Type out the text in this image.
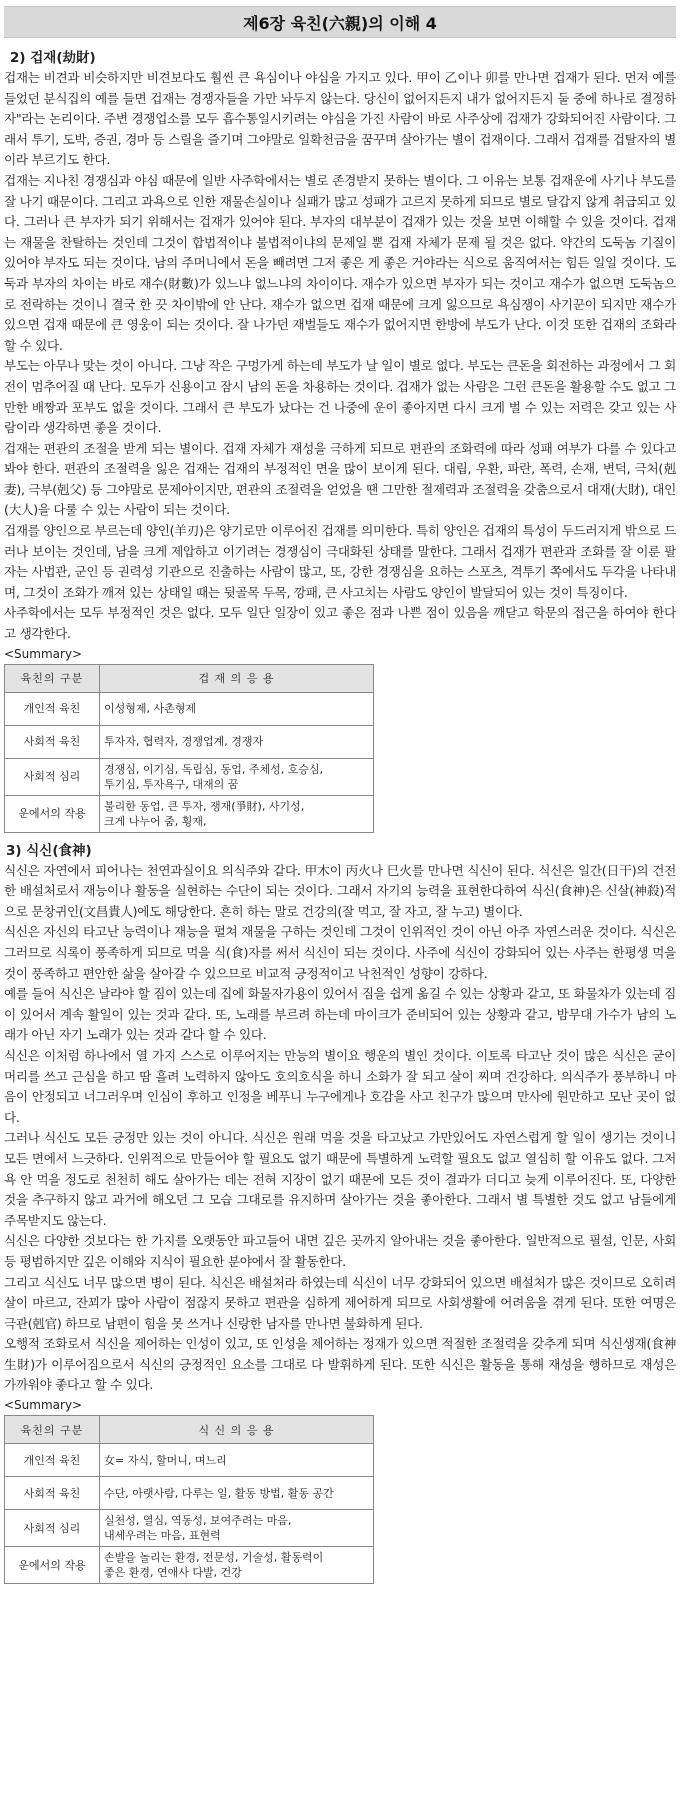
제6장 육친(六親)의 이해 4
2) 겁재(劫財)

겁재는 비견과 비슷하지만 비견보다도 훨씬 큰 욕심이나 야심을 가지고 있다. 甲이 乙이나 卯를 만나면 겁재가 된다. 먼저 예를 들었던 분식집의 예를 들면 겁재는 경쟁자들을 가만 놔두지 않는다. 당신이 없어지든지 내가 없어지든지 둘 중에 하나로 결정하자"라는 논리이다. 주변 경쟁업소를 모두 흡수통일시키려는 야심을 가진 사람이 바로 사주상에 겁재가 강화되어진 사람이다. 그래서 투기, 도박, 증권, 경마 등 스릴을 즐기며 그야말로 일확천금을 꿈꾸며 살아가는 별이 겁재이다. 그래서 겁재를 겁탈자의 별이라 부르기도 한다.

겁재는 지나친 경쟁심과 야심 때문에 일반 사주학에서는 별로 존경받지 못하는 별이다. 그 이유는 보통 겁재운에 사기나 부도를 잘 나기 때문이다. 그리고 과욕으로 인한 재물손실이나 실패가 많고 성패가 고르지 못하게 되므로 별로 달갑지 않게 취급되고 있다. 그러나 큰 부자가 되기 위해서는 겁재가 있어야 된다. 부자의 대부분이 겁재가 있는 것을 보면 이해할 수 있을 것이다. 겁재는 재물을 찬탈하는 것인데 그것이 합법적이냐 불법적이냐의 문제일 뿐 겁재 자체가 문제 될 것은 없다. 약간의 도둑놈 기질이 있어야 부자도 되는 것이다. 남의 주머니에서 돈을 빼려면 그저 좋은 게 좋은 거야라는 식으로 움직여서는 힘든 일일 것이다. 도둑과 부자의 차이는 바로 재수(財數)가 있느냐 없느냐의 차이이다. 재수가 있으면 부자가 되는 것이고 재수가 없으면 도둑놈으로 전락하는 것이니 결국 한 끗 차이밖에 안 난다. 재수가 없으면 겁재 때문에 크게 잃으므로 욕심쟁이 사기꾼이 되지만 재수가 있으면 겁재 때문에 큰 영웅이 되는 것이다. 잘 나가던 재벌들도 재수가 없어지면 한방에 부도가 난다. 이것 또한 겁재의 조화라 할 수 있다.

부도는 아무나 맞는 것이 아니다. 그냥 작은 구멍가게 하는데 부도가 날 일이 별로 없다. 부도는 큰돈을 회전하는 과정에서 그 회전이 멈추어질 때 난다. 모두가 신용이고 잠시 남의 돈을 차용하는 것이다. 겁재가 없는 사람은 그런 큰돈을 활용할 수도 없고 그만한 배짱과 포부도 없을 것이다. 그래서 큰 부도가 났다는 건 나중에 운이 좋아지면 다시 크게 벌 수 있는 저력은 갖고 있는 사람이라 생각하면 좋을 것이다.

겁재는 편관의 조절을 받게 되는 별이다. 겁재 자체가 재성을 극하게 되므로 편관의 조화력에 따라 성패 여부가 다를 수 있다고 봐야 한다. 편관의 조절력을 잃은 겁재는 겁재의 부정적인 면을 많이 보이게 된다. 대립, 우환, 파란, 폭력, 손재, 변덕, 극처(剋妻), 극부(剋父) 등 그야말로 문제아이지만, 편관의 조절력을 얻었을 땐 그만한 절제력과 조절력을 갖춤으로서 대재(大財), 대인(大人)을 다룰 수 있는 사람이 되는 것이다.

겁재를 양인으로 부르는데 양인(羊刃)은 양기로만 이루어진 겁재를 의미한다. 특히 양인은 겁재의 특성이 두드러지게 밖으로 드러나 보이는 것인데, 남을 크게 제압하고 이기려는 경쟁심이 극대화된 상태를 말한다. 그래서 겁재가 편관과 조화를 잘 이룬 팔자는 사법관, 군인 등 권력성 기관으로 진출하는 사람이 많고, 또, 강한 경쟁심을 요하는 스포츠, 격투기 쪽에서도 두각을 나타내며, 그것이 조화가 깨져 있는 상태일 때는 뒷골목 두목, 깡패, 큰 사고치는 사람도 양인이 발달되어 있는 것이 특징이다.

사주학에서는 모두 부정적인 것은 없다. 모두 일단 일장이 있고 좋은 점과 나쁜 점이 있음을 깨닫고 학문의 접근을 하여야 한다고 생각한다.

<Summary>
육친의 구분	겁 재 의 응 용
개인적 육친	이성형제, 사촌형제
사회적 육친	투자자, 협력자, 경쟁업계, 경쟁자
사회적 심리	경쟁심, 이기심, 독립심, 동업, 주체성, 호승심,
투기심, 투자욕구, 대재의 꿈
운에서의 작용	불리한 동업, 큰 투자, 쟁재(爭財), 사기성,
크게 나누어 줌, 횡재,
3) 식신(食神)

식신은 자연에서 피어나는 천연과실이요 의식주와 같다. 甲木이 丙火나 巳火를 만나면 식신이 된다. 식신은 일간(日干)의 건전한 배설처로서 재능이나 활동을 실현하는 수단이 되는 것이다. 그래서 자기의 능력을 표현한다하여 식신(食神)은 신살(神殺)적으로 문창귀인(文昌貴人)에도 해당한다. 흔히 하는 말로 건강의(잘 먹고, 잘 자고, 잘 누고) 별이다.

식신은 자신의 타고난 능력이나 재능을 펼쳐 재물을 구하는 것인데 그것이 인위적인 것이 아닌 아주 자연스러운 것이다. 식신은 그러므로 식록이 풍족하게 되므로 먹을 식(食)자를 써서 식신이 되는 것이다. 사주에 식신이 강화되어 있는 사주는 한평생 먹을 것이 풍족하고 편안한 삶을 살아갈 수 있으므로 비교적 긍정적이고 낙천적인 성향이 강하다.

예를 들어 식신은 날라야 할 짐이 있는데 집에 화물자가용이 있어서 짐을 쉽게 옮길 수 있는 상황과 같고, 또 화물차가 있는데 짐이 있어서 계속 활일이 있는 것과 같다. 또, 노래를 부르려 하는데 마이크가 준비되어 있는 상황과 같고, 밤무대 가수가 남의 노래가 아닌 자기 노래가 있는 것과 같다 할 수 있다.

식신은 이처럼 하나에서 열 가지 스스로 이루어지는 만능의 별이요 행운의 별인 것이다. 이토록 타고난 것이 많은 식신은 굳이 머리를 쓰고 근심을 하고 땀 흘려 노력하지 않아도 호의호식을 하니 소화가 잘 되고 살이 찌며 건강하다. 의식주가 풍부하니 마음이 안정되고 너그러우며 인심이 후하고 인정을 베푸니 누구에게나 호감을 사고 친구가 많으며 만사에 원만하고 모난 곳이 없다.

그러나 식신도 모든 긍정만 있는 것이 아니다. 식신은 원래 먹을 것을 타고났고 가만있어도 자연스럽게 할 일이 생기는 것이니 모든 면에서 느긋하다. 인위적으로 만들어야 할 필요도 없기 때문에 특별하게 노력할 필요도 없고 열심히 할 이유도 없다. 그저 욕 안 먹을 정도로 천천히 해도 살아가는 데는 전혀 지장이 없기 때문에 모든 것이 결과가 더디고 늦게 이루어진다. 또, 다양한 것을 추구하지 않고 과거에 해오던 그 모습 그대로를 유지하며 살아가는 것을 좋아한다. 그래서 별 특별한 것도 없고 남들에게 주목받지도 않는다.

식신은 다양한 것보다는 한 가지를 오랫동안 파고들어 내면 깊은 곳까지 알아내는 것을 좋아한다. 일반적으로 필설, 인문, 사회 등 평범하지만 깊은 이해와 지식이 필요한 분야에서 잘 활동한다.

그리고 식신도 너무 많으면 병이 된다. 식신은 배설처라 하였는데 식신이 너무 강화되어 있으면 배설처가 많은 것이므로 오히려 살이 마르고, 잔꾀가 많아 사람이 점잖지 못하고 편관을 심하게 제어하게 되므로 사회생활에 어려움을 겪게 된다. 또한 여명은 극관(剋官) 하므로 남편이 힘을 못 쓰거나 신랑한 남자를 만나면 불화하게 된다.

오행적 조화로서 식신을 제어하는 인성이 있고, 또 인성을 제어하는 정재가 있으면 적절한 조절력을 갖추게 되며 식신생재(食神生財)가 이루어짐으로서 식신의 긍정적인 요소를 그대로 다 발휘하게 된다. 또한 식신은 활동을 통해 재성을 행하므로 재성은 가까워야 좋다고 할 수 있다.

<Summary>
육친의 구분	식 신 의 응 용
개인적 육친	女= 자식, 할머니, 며느리
사회적 육친	수단, 아랫사람, 다루는 일, 활동 방법, 활동 공간
사회적 심리	실천성, 열심, 역동성, 보여주려는 마음,
내세우려는 마음, 표현력
운에서의 작용	손발을 놀리는 환경, 전문성, 기술성, 활동력이
좋은 환경, 연애사 다발, 건강
